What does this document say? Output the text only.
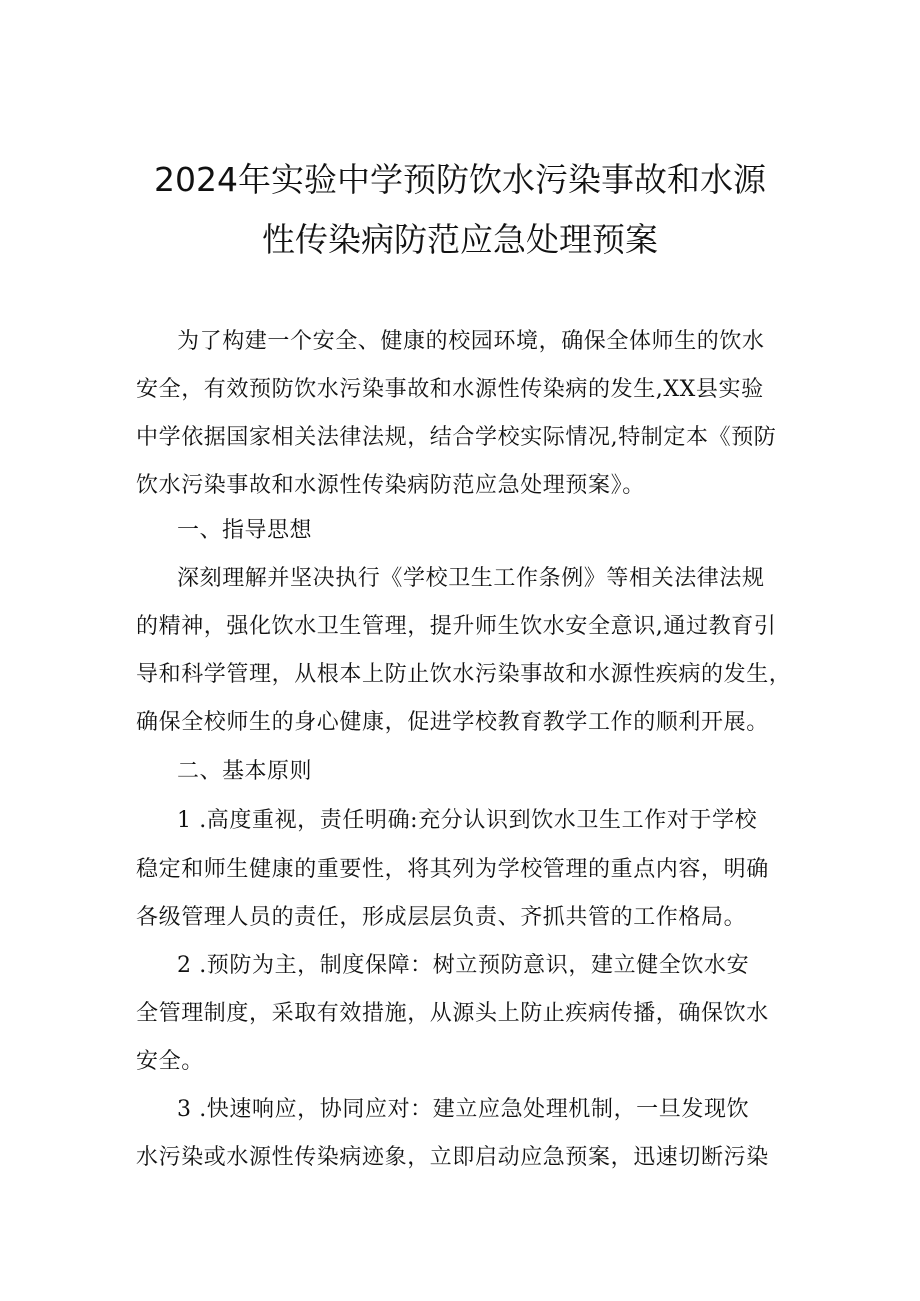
2024年实验中学预防饮水污染事故和水源
性传染病防范应急处理预案
为了构建一个安全、健康的校园环境，确保全体师生的饮水
安全，有效预防饮水污染事故和水源性传染病的发生,XX县实验
中学依据国家相关法律法规，结合学校实际情况,特制定本《预防
饮水污染事故和水源性传染病防范应急处理预案》。
一、指导思想
深刻理解并坚决执行《学校卫生工作条例》等相关法律法规
的精神，强化饮水卫生管理，提升师生饮水安全意识,通过教育引
导和科学管理，从根本上防止饮水污染事故和水源性疾病的发生，
确保全校师生的身心健康，促进学校教育教学工作的顺利开展。
二、基本原则
1 .高度重视，责任明确:充分认识到饮水卫生工作对于学校
稳定和师生健康的重要性，将其列为学校管理的重点内容，明确
各级管理人员的责任，形成层层负责、齐抓共管的工作格局。
2 .预防为主，制度保障：树立预防意识，建立健全饮水安
全管理制度，采取有效措施，从源头上防止疾病传播，确保饮水
安全。
3 .快速响应，协同应对：建立应急处理机制，一旦发现饮
水污染或水源性传染病迹象，立即启动应急预案，迅速切断污染
